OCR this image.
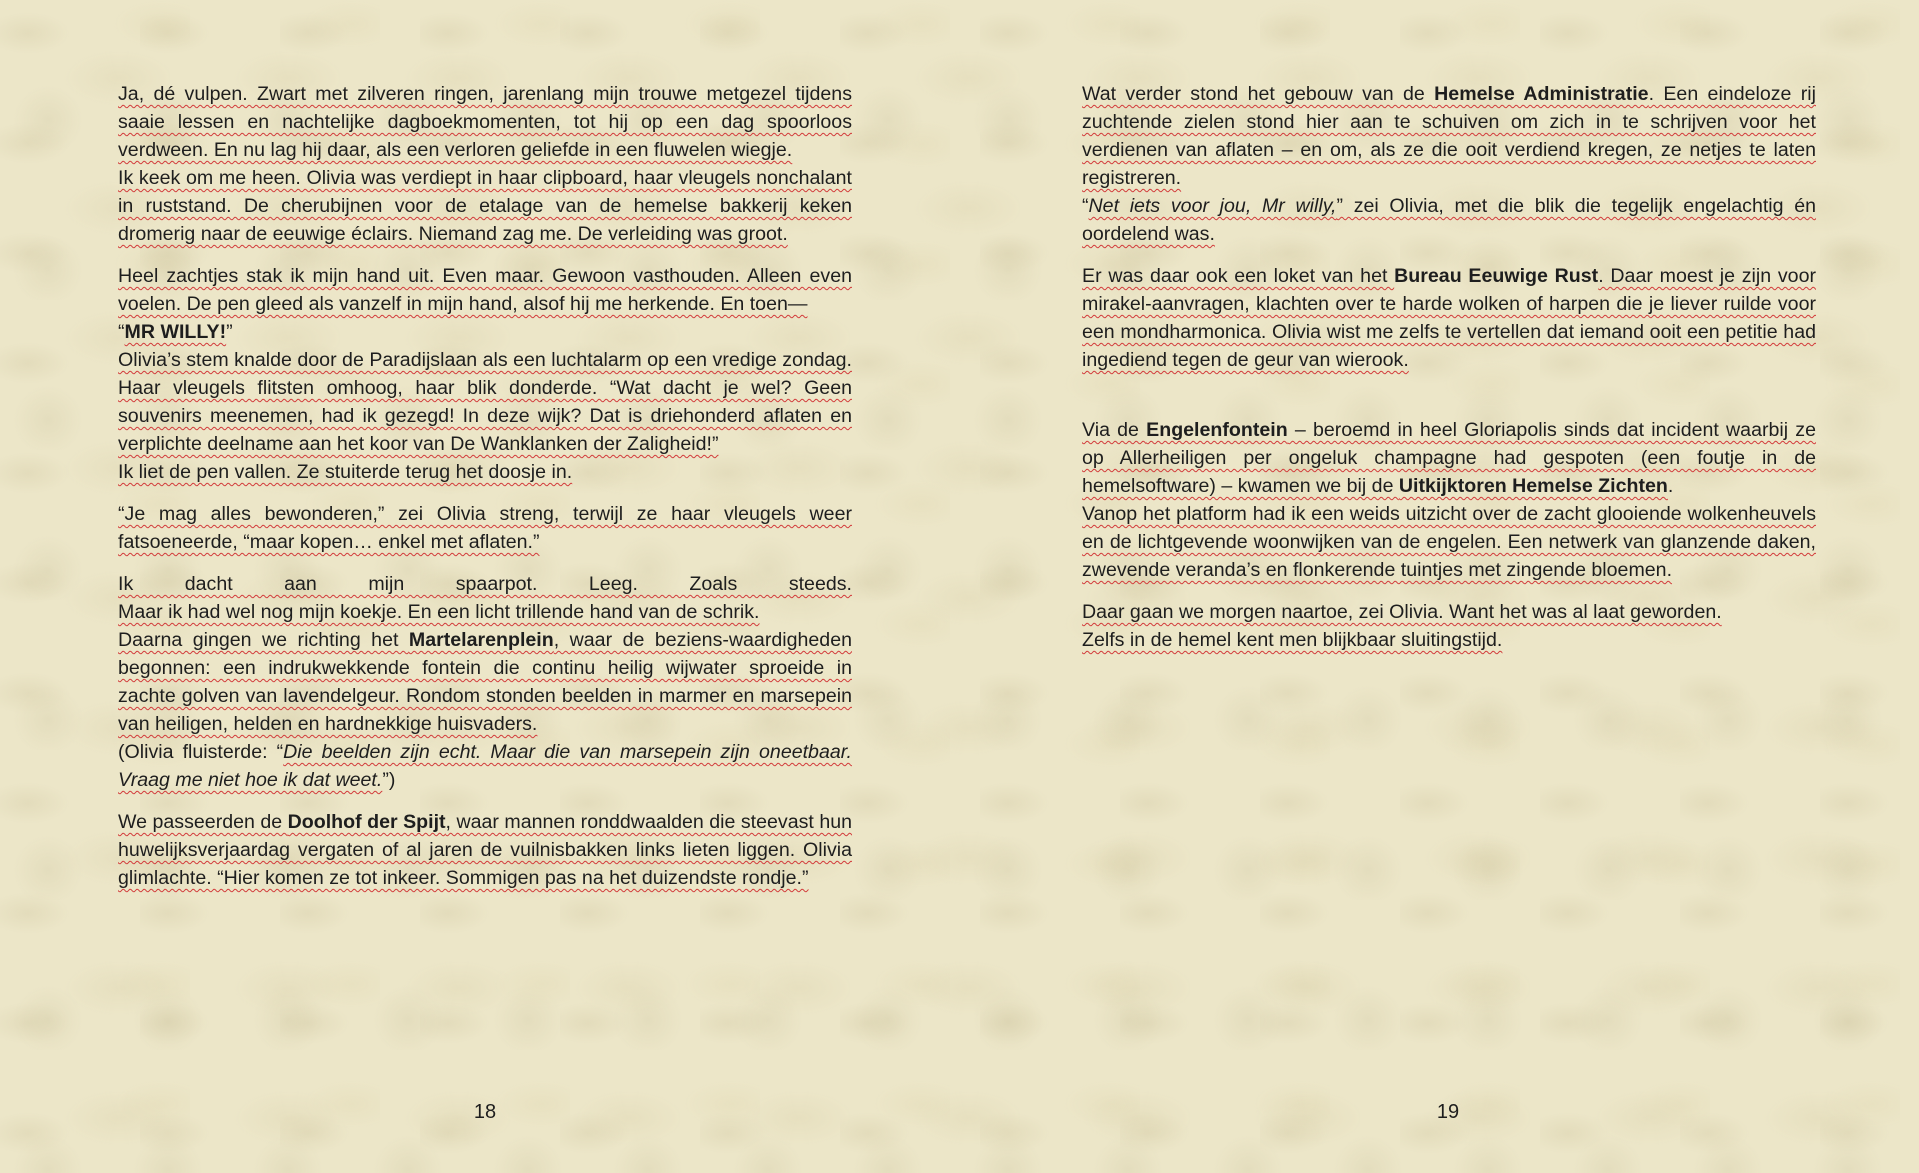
Ja, dé vulpen. Zwart met zilveren ringen, jarenlang mijn trouwe metgezel tijdens saaie lessen en nachtelijke dagboekmomenten, tot hij op een dag spoorloos verdween. En nu lag hij daar, als een verloren geliefde in een fluwelen wiegje.

Ik keek om me heen. Olivia was verdiept in haar clipboard, haar vleugels nonchalant in ruststand. De cherubijnen voor de etalage van de hemelse bakkerij keken dromerig naar de eeuwige éclairs. Niemand zag me. De verleiding was groot.

Heel zachtjes stak ik mijn hand uit. Even maar. Gewoon vasthouden. Alleen even voelen. De pen gleed als vanzelf in mijn hand, alsof hij me herkende. En toen—

“MR WILLY!”

Olivia’s stem knalde door de Paradijslaan als een luchtalarm op een vredige zondag. Haar vleugels flitsten omhoog, haar blik donderde. “Wat dacht je wel? Geen souvenirs meenemen, had ik gezegd! In deze wijk? Dat is driehonderd aflaten en verplichte deelname aan het koor van De Wanklanken der Zaligheid!”

Ik liet de pen vallen. Ze stuiterde terug het doosje in.

“Je mag alles bewonderen,” zei Olivia streng, terwijl ze haar vleugels weer fatsoeneerde, “maar kopen… enkel met aflaten.”

Ik dacht aan mijn spaarpot. Leeg. Zoals steeds.

Maar ik had wel nog mijn koekje. En een licht trillende hand van de schrik.

Daarna gingen we richting het Martelarenplein, waar de beziens-waardigheden begonnen: een indrukwekkende fontein die continu heilig wijwater sproeide in zachte golven van lavendelgeur. Rondom stonden beelden in marmer en marsepein van heiligen, helden en hardnekkige huisvaders.

(Olivia fluisterde: “Die beelden zijn echt. Maar die van marsepein zijn oneetbaar. Vraag me niet hoe ik dat weet.”)

We passeerden de Doolhof der Spijt, waar mannen ronddwaalden die steevast hun huwelijksverjaardag vergaten of al jaren de vuilnisbakken links lieten liggen. Olivia glimlachte. “Hier komen ze tot inkeer. Sommigen pas na het duizendste rondje.”

Wat verder stond het gebouw van de Hemelse Administratie. Een eindeloze rij zuchtende zielen stond hier aan te schuiven om zich in te schrijven voor het verdienen van aflaten – en om, als ze die ooit verdiend kregen, ze netjes te laten registreren.

“Net iets voor jou, Mr willy,” zei Olivia, met die blik die tegelijk engelachtig én oordelend was.

Er was daar ook een loket van het Bureau Eeuwige Rust. Daar moest je zijn voor mirakel-aanvragen, klachten over te harde wolken of harpen die je liever ruilde voor een mondharmonica. Olivia wist me zelfs te vertellen dat iemand ooit een petitie had ingediend tegen de geur van wierook.

Via de Engelenfontein – beroemd in heel Gloriapolis sinds dat incident waarbij ze op Allerheiligen per ongeluk champagne had gespoten (een foutje in de hemelsoftware) – kwamen we bij de Uitkijktoren Hemelse Zichten.

Vanop het platform had ik een weids uitzicht over de zacht glooiende wolkenheuvels en de lichtgevende woonwijken van de engelen. Een netwerk van glanzende daken, zwevende veranda’s en flonkerende tuintjes met zingende bloemen.

Daar gaan we morgen naartoe, zei Olivia. Want het was al laat geworden.

Zelfs in de hemel kent men blijkbaar sluitingstijd.

18	19
